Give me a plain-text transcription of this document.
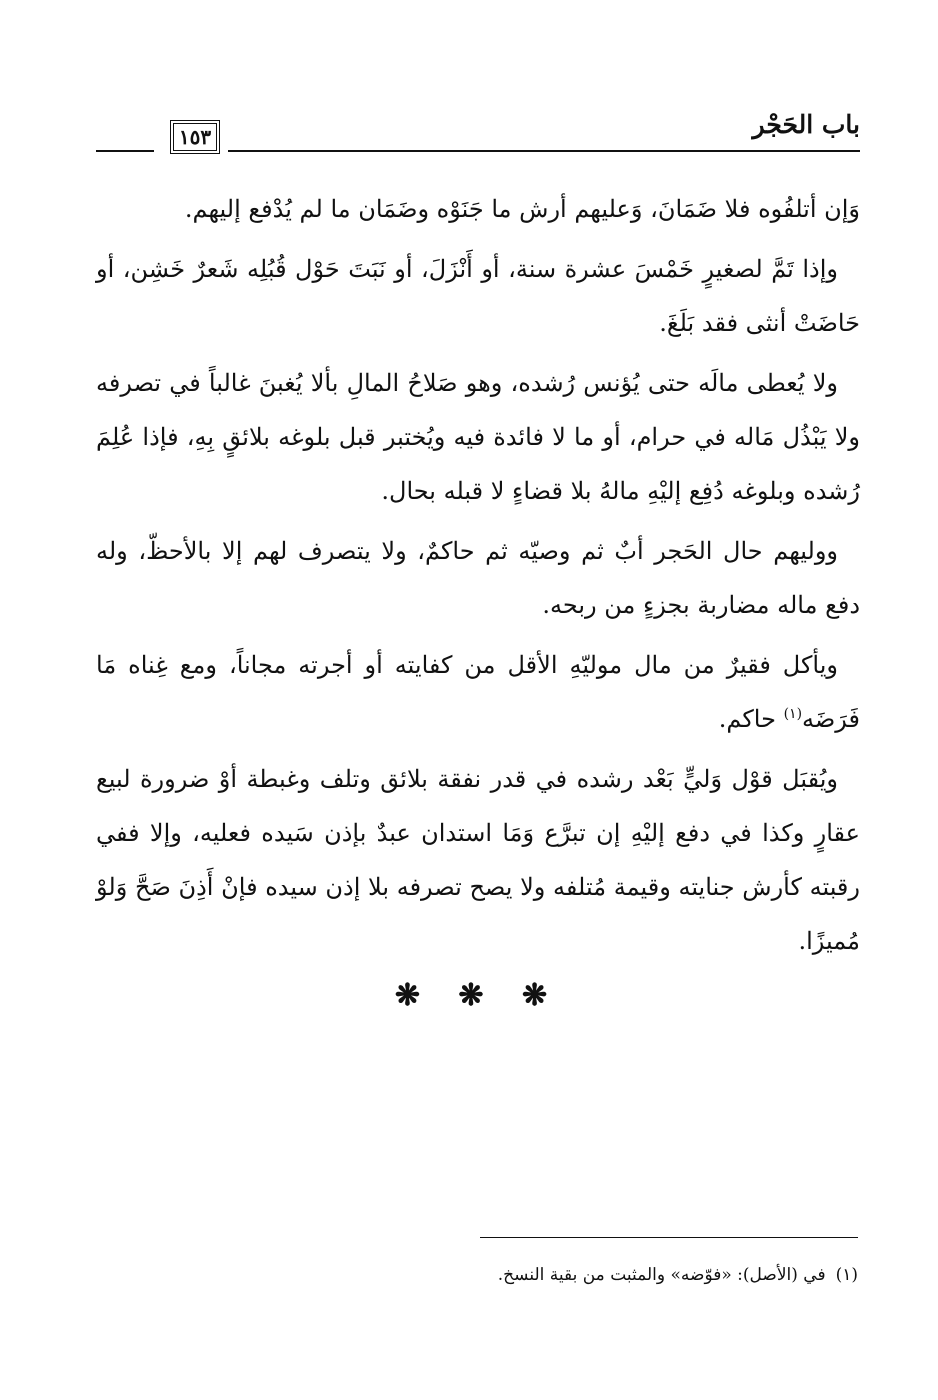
باب الحَجْر
١٥٣

وَإن أتلفُوه فلا ضَمَانَ، وَعليهم أرش ما جَنَوْه وضَمَان ما لم يُدْفع إليهم.

وإذا تَمَّ لصغيرٍ خَمْسَ عشرة سنة، أو أَنْزَلَ، أو نَبَتَ حَوْل قُبُلِه شَعرٌ خَشِن، أو حَاضَتْ أنثى فقد بَلَغَ.

ولا يُعطى مالَه حتى يُؤنس رُشده، وهو صَلاحُ المالِ بألا يُغبنَ غالباً في تصرفه ولا يَبْذُل مَاله في حرام، أو ما لا فائدة فيه ويُختبر قبل بلوغه بلائقٍ بِهِ، فإذا عُلِمَ رُشده وبلوغه دُفِع إليْهِ مالهُ بلا قضاءٍ لا قبله بحال.

ووليهم حال الحَجر أبٌ ثم وصيّه ثم حاكمٌ، ولا يتصرف لهم إلا بالأحظّ، وله دفع ماله مضاربة بجزءٍ من ربحه.

ويأكل فقيرٌ من مال موليّهِ الأقل من كفايته أو أجرته مجاناً، ومع غِناه مَا فَرَضَه$^{(١)}$ حاكم.

ويُقبَل قوْل وَليٍّ بَعْد رشده في قدر نفقة بلائق وتلف وغبطة أوْ ضرورة لبيع عقارٍ وكذا في دفع إليْهِ إن تبرَّع وَمَا استدان عبدٌ بإذن سَيده فعليه، وإلا ففي رقبته كأرش جنايته وقيمة مُتلفه ولا يصح تصرفه بلا إذن سيده فإنْ أَذِنَ صَحَّ وَلوْ مُميزًا.

❋ ❋ ❋
(١)في (الأصل): «فوّضه» والمثبت من بقية النسخ.
